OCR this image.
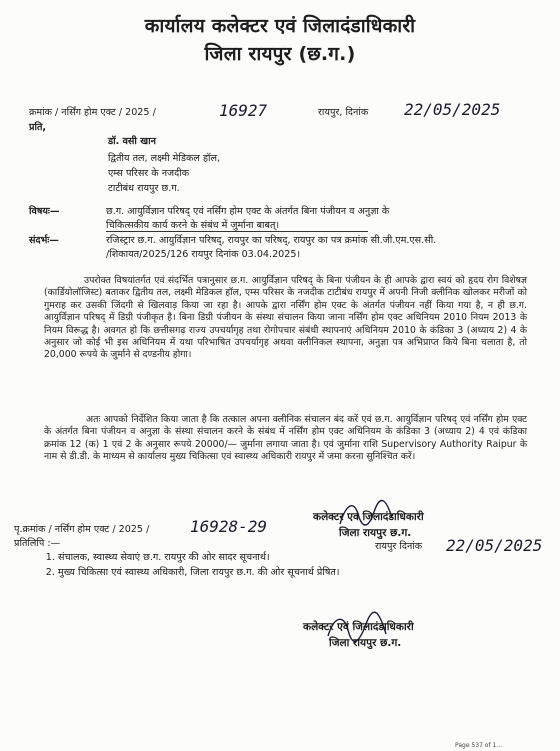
कार्यालय कलेक्टर एवं जिलादंडाधिकारी
जिला रायपुर (छ.ग.)
क्रमांक / नर्सिंग होम एक्ट / 2025 /	16927	रायपुर, दिनांक 22/05/2025
प्रति,
डॉ. वसी खान
द्वितीय तल, लक्ष्मी मेडिकल हॉल,
एम्स परिसर के नजदीक
टाटीबंध रायपुर छ.ग.
विषयः—	छ.ग. आयुर्विज्ञान परिषद् एवं नर्सिंग होम एक्ट के अंतर्गत बिना पंजीयन व अनुज्ञा के
चिकित्सकीय कार्य करने के संबंध में जुर्माना बाबत्।
संदर्भः—	रजिस्ट्रार छ.ग. आयुर्विज्ञान परिषद्, रायपुर का परिषद्, रायपुर का पत्र क्रमांक सी.जी.एम.एस.सी.
/शिकायत/2025/126 रायपुर दिनांक 03.04.2025।
उपरोक्त विषयांतर्गत एवं संदर्भित पत्रानुसार छ.ग. आयुर्विज्ञान परिषद् के बिना पंजीयन के ही आपके द्वारा स्वयं को हृदय रोग विशेषज्ञ (कार्डियोलॉजिस्ट) बताकर द्वितीय तल, लक्ष्मी मेडिकल हॉल, एम्स परिसर के नजदीक टाटीबंध रायपुर में अपनी निजी क्लीनिक खोलकर मरीजों को गुमराह कर उसकी जिंदगी से खिलवाड़ किया जा रहा है। आपके द्वारा नर्सिंग होम एक्ट के अंतर्गत पंजीयन नहीं किया गया है, न ही छ.ग. आयुर्विज्ञान परिषद् में डिग्री पंजीकृत है। बिना डिग्री पंजीयन के संस्था संचालन किया जाना नर्सिंग होम एक्ट अधिनियम 2010 नियम 2013 के नियम विरूद्ध है। अवगत हो कि छत्तीसगढ़ राज्य उपचर्यागृह तथा रोगोपचार संबंधी स्थापनाएं अधिनियम 2010 के कंडिका 3 (अध्याय 2) 4 के अनुसार जो कोई भी इस अधिनियम में यथा परिभाषित उपचर्यागृह अथवा क्लीनिकल स्थापना, अनुज्ञा पत्र अभिप्राप्त किये बिना चलाता है, तो 20,000 रूपये के जुर्माने से दण्डनीय होगा।
अतः आपको निर्देशित किया जाता है कि तत्काल अपना क्लीनिक संचालन बंद करें एवं छ.ग. आयुर्विज्ञान परिषद् एवं नर्सिंग होम एक्ट के अंतर्गत बिना पंजीयन व अनुज्ञा के संस्था संचालन करने के संबंध में नर्सिंग होम एक्ट अधिनियम के कंडिका 3 (अध्याय 2) 4 एवं कंडिका क्रमांक 12 (क) 1 एवं 2 के अनुसार रूपये 20000/— जुर्माना लगाया जाता है। एवं जुर्माना राशि Supervisory Authority Raipur के नाम से डी.डी. के माध्यम से कार्यालय मुख्य चिकित्सा एवं स्वास्थ्य अधिकारी रायपुर में जमा करना सुनिश्चित करें।
कलेक्टर एवं जिलादंडाधिकारी
जिला रायपुर छ.ग.
पृ.क्रमांक / नर्सिंग होम एक्ट / 2025 /	16928-29
रायपुर दिनांक 22/05/2025
प्रतिलिपि :—
1. संचालक, स्वास्थ्य सेवाएं छ.ग. रायपुर की ओर सादर सूचनार्थ।
2. मुख्य चिकित्सा एवं स्वास्थ्य अधिकारी, जिला रायपुर छ.ग. की ओर सूचनार्थ प्रेषित।
कलेक्टर एवं जिलादंडाधिकारी
जिला रायपुर छ.ग.
Page 537 of 1...
